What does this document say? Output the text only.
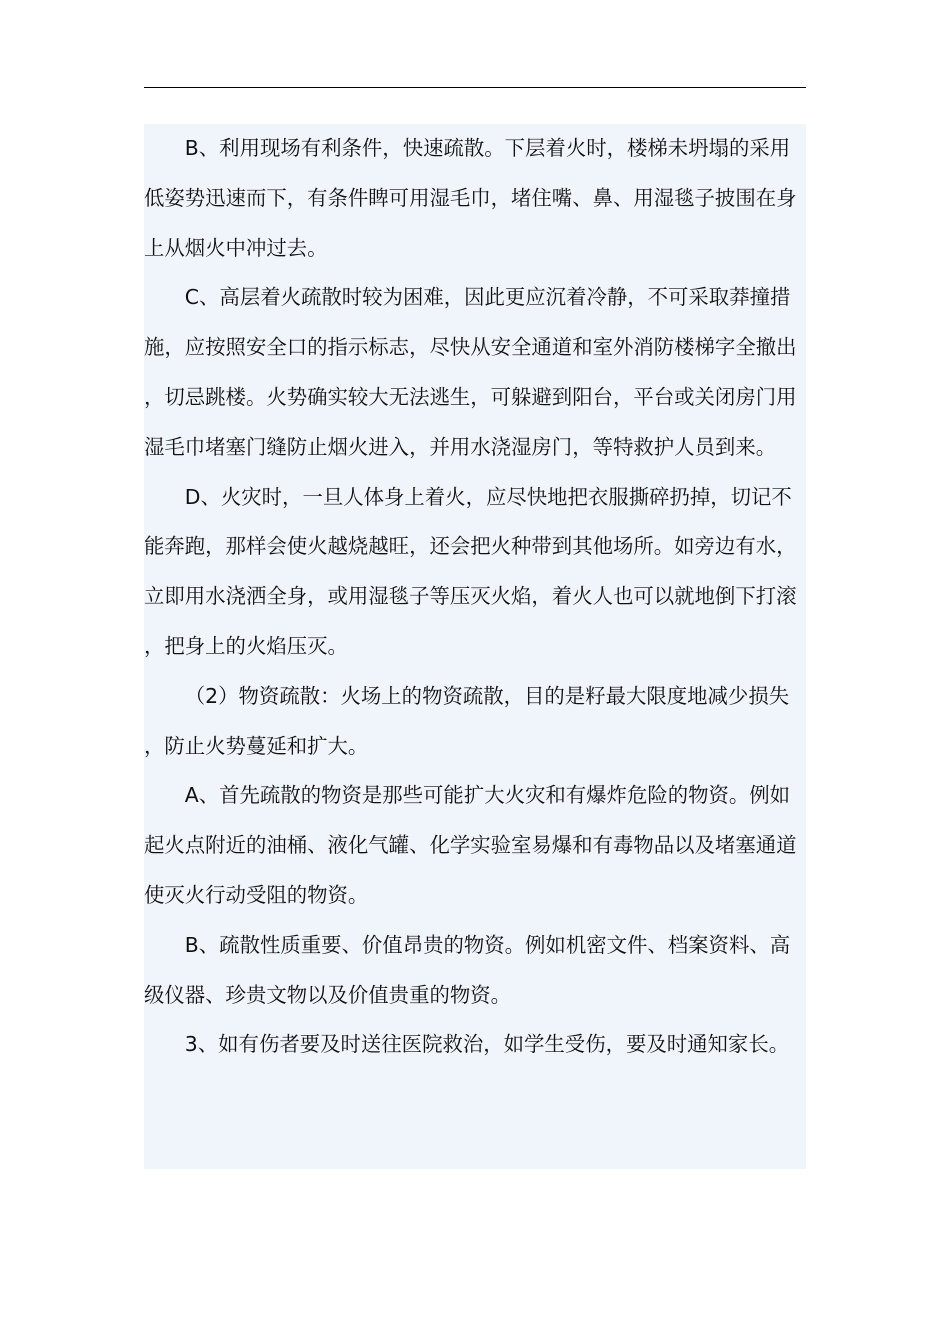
B、利用现场有利条件，快速疏散。下层着火时，楼梯未坍塌的采用低姿势迅速而下，有条件睥可用湿毛巾，堵住嘴、鼻、用湿毯子披围在身上从烟火中冲过去。

C、高层着火疏散时较为困难，因此更应沉着冷静，不可采取莽撞措施，应按照安全口的指示标志，尽快从安全通道和室外消防楼梯字全撤出，切忌跳楼。火势确实较大无法逃生，可躲避到阳台，平台或关闭房门用湿毛巾堵塞门缝防止烟火进入，并用水浇湿房门，等特救护人员到来。

D、火灾时，一旦人体身上着火，应尽快地把衣服撕碎扔掉，切记不能奔跑，那样会使火越烧越旺，还会把火种带到其他场所。如旁边有水，立即用水浇洒全身，或用湿毯子等压灭火焰，着火人也可以就地倒下打滚，把身上的火焰压灭。

（2）物资疏散：火场上的物资疏散，目的是籽最大限度地减少损失，防止火势蔓延和扩大。

A、首先疏散的物资是那些可能扩大火灾和有爆炸危险的物资。例如起火点附近的油桶、液化气罐、化学实验室易爆和有毒物品以及堵塞通道使灭火行动受阻的物资。

B、疏散性质重要、价值昂贵的物资。例如机密文件、档案资料、高级仪器、珍贵文物以及价值贵重的物资。

3、如有伤者要及时送往医院救治，如学生受伤，要及时通知家长。
